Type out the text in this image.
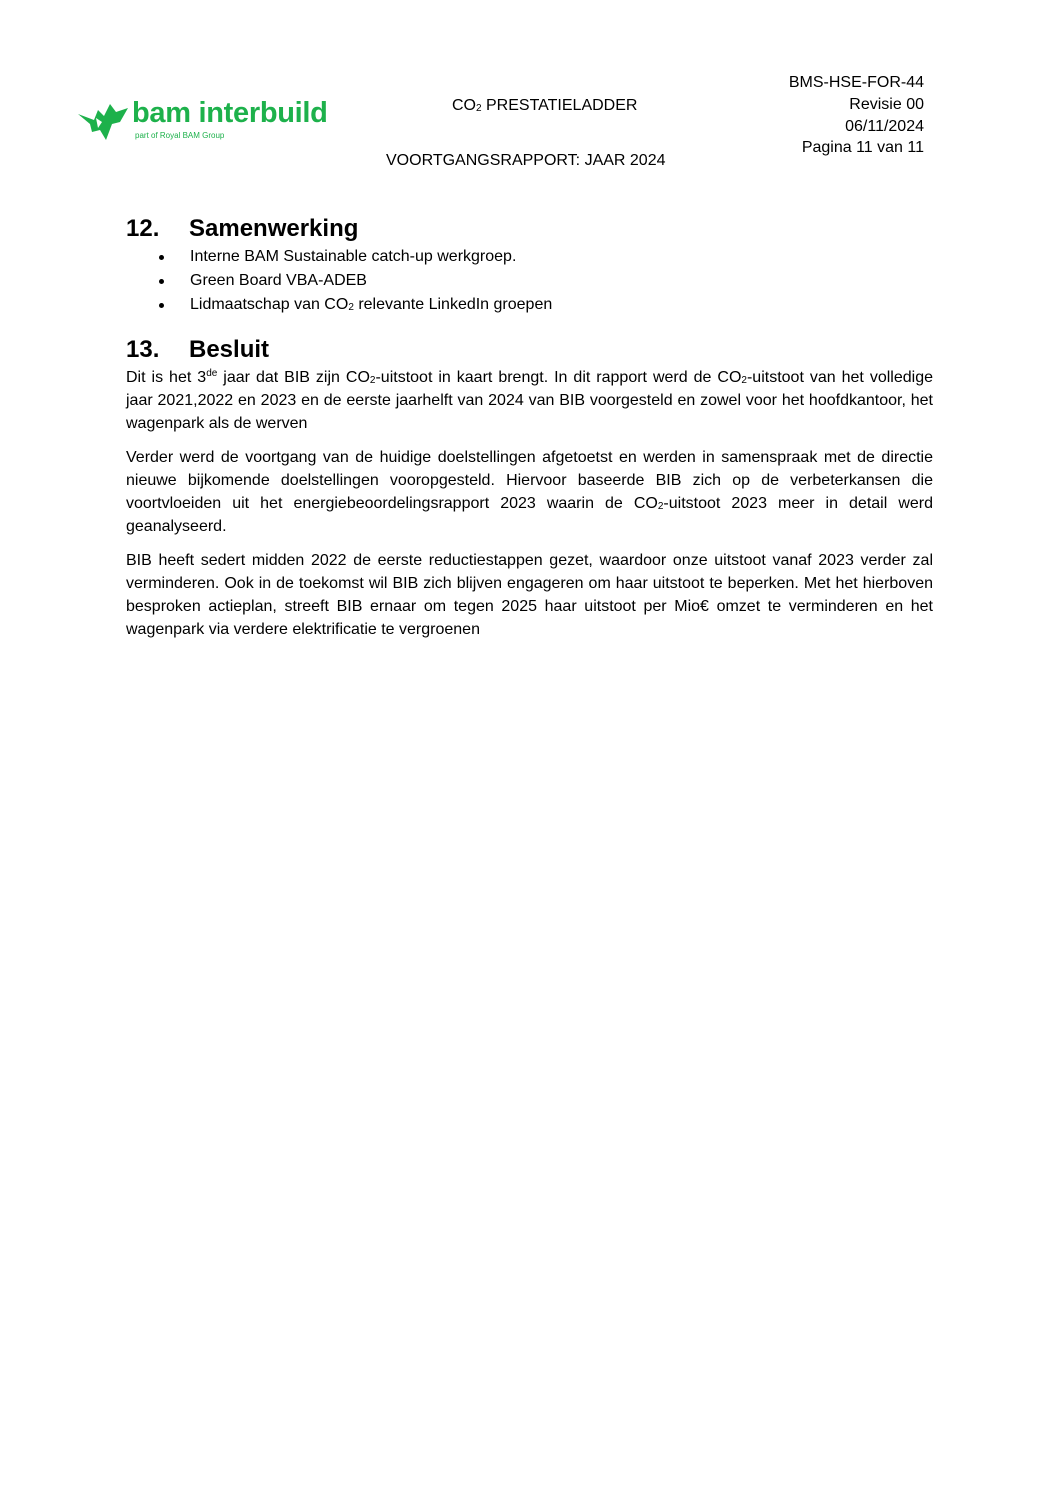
bam interbuild
part of Royal BAM Group
$CO_2$ PRESTATIELADDER
VOORTGANGSRAPPORT: JAAR 2024
BMS-HSE-FOR-44
Revisie 00
06/11/2024
Pagina 11 van 11
12.	Samenwerking
Interne BAM Sustainable catch-up werkgroep.
Green Board VBA-ADEB
Lidmaatschap van $CO_2$ relevante LinkedIn groepen
13.	Besluit

Dit is het 3de jaar dat BIB zijn $CO_2$-uitstoot in kaart brengt. In dit rapport werd de $CO_2$-uitstoot van het volledige jaar 2021,2022 en 2023 en de eerste jaarhelft van 2024 van BIB voorgesteld en zowel voor het hoofdkantoor, het wagenpark als de werven

Verder werd de voortgang van de huidige doelstellingen afgetoetst en werden in samenspraak met de directie nieuwe bijkomende doelstellingen vooropgesteld. Hiervoor baseerde BIB zich op de verbeterkansen die voortvloeiden uit het energiebeoordelingsrapport 2023 waarin de $CO_2$-uitstoot 2023 meer in detail werd geanalyseerd.

BIB heeft sedert midden 2022 de eerste reductiestappen gezet, waardoor onze uitstoot vanaf 2023 verder zal verminderen. Ook in de toekomst wil BIB zich blijven engageren om haar uitstoot te beperken. Met het hierboven besproken actieplan, streeft BIB ernaar om tegen 2025 haar uitstoot per Mio€ omzet te verminderen en het wagenpark via verdere elektrificatie te vergroenen
